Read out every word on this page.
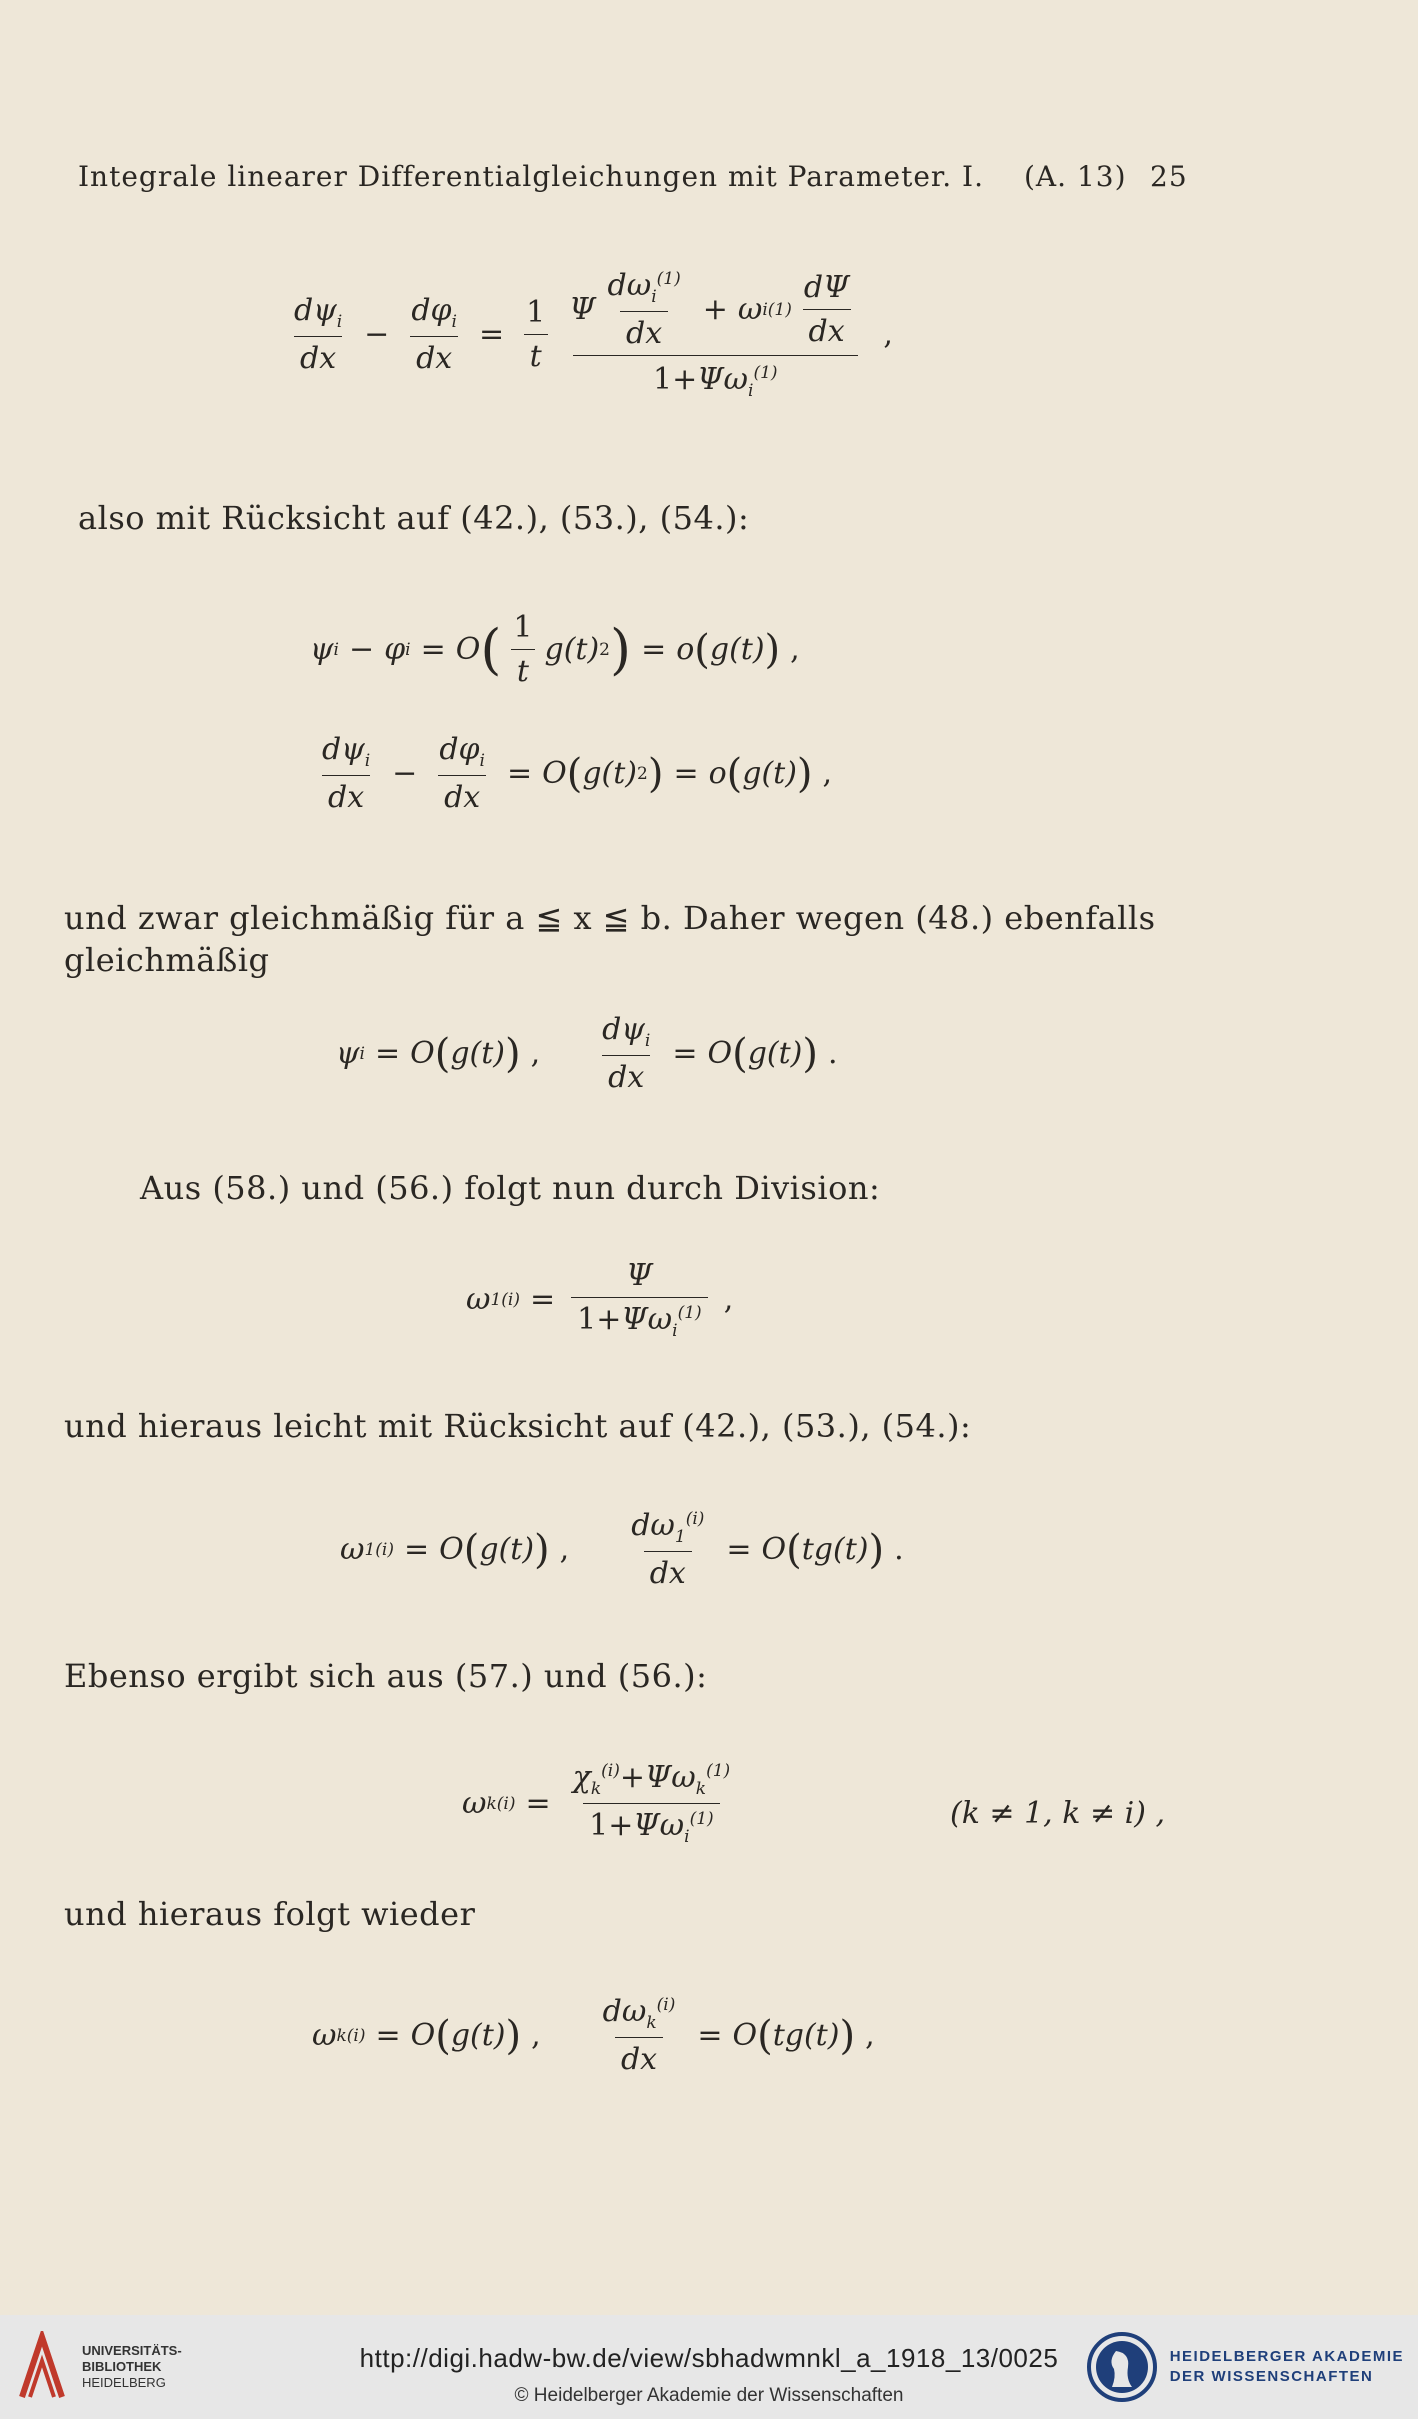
Integrale linearer Differentialgleichungen mit Parameter. I. (A. 13) 25
$\frac{d\psi_i}{dx} - \frac{d\varphi_i}{dx} = \frac{1}{t} \frac{\Psi \frac{d\omega_i^{(1)}}{dx} + \omega i (1) \frac{d\Psi}{dx}}{1+\Psi\omega_i^{(1)}}$ ,
also mit Rücksicht auf (42.), (53.), (54.):
ψ i − φ i = O ( $\frac{1}{t} g(t)$ 2 ) = o ( g(t) ) ,
$\frac{d\psi_i}{dx} - \frac{d\varphi_i}{dx} = O$ ( g(t) 2 ) = o ( g(t) ) ,
und zwar gleichmäßig für a ≦ x ≦ b. Daher wegen (48.) ebenfalls
gleichmäßig
ψ i = O ( g(t) ) , $\frac{d\psi_i}{dx} = O$ ( g(t) ) .
Aus (58.) und (56.) folgt nun durch Division:
ω 1 $(i) = \frac{\Psi}{1+\Psi\omega_i^{(1)}}$ ,
und hieraus leicht mit Rücksicht auf (42.), (53.), (54.):
ω 1 (i) = O ( g(t) ) , $\frac{d\omega_1^{(i)}}{dx} = O$ ( tg(t) ) .
Ebenso ergibt sich aus (57.) und (56.):
ω k $(i) = \frac{\chi_k^{(i)}+\Psi\omega_k^{(1)}}{1+\Psi\omega_i^{(1)}}$	(k ≠ 1, k ≠ i) ,
und hieraus folgt wieder
ω k (i) = O ( g(t) ) , $\frac{d\omega_k^{(i)}}{dx} = O$ ( tg(t) ) ,
UNIVERSITÄTS-
BIBLIOTHEK
HEIDELBERG
http://digi.hadw-bw.de/view/sbhadwmnkl_a_1918_13/0025
© Heidelberger Akademie der Wissenschaften
HEIDELBERGER AKADEMIE
DER WISSENSCHAFTEN
